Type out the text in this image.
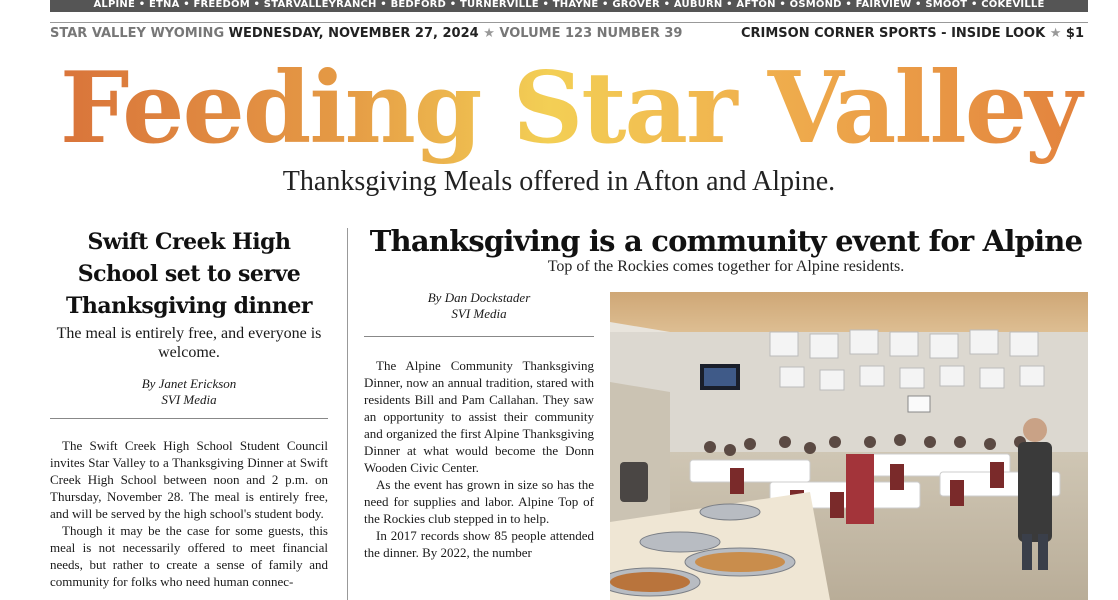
ALPINE • ETNA • FREEDOM • STARVALLEYRANCH • BEDFORD • TURNERVILLE • THAYNE • GROVER • AUBURN • AFTON • OSMOND • FAIRVIEW • SMOOT • COKEVILLE
STAR VALLEY WYOMING WEDNESDAY, NOVEMBER 27, 2024 ★ VOLUME 123 NUMBER 39	CRIMSON CORNER SPORTS - INSIDE LOOK ★ $1
Feeding Star Valley
Thanksgiving Meals offered in Afton and Alpine.
Swift Creek High School set to serve Thanksgiving dinner
The meal is entirely free, and everyone is welcome.
By Janet Erickson
SVI Media

The Swift Creek High School Student Council invites Star Valley to a Thanksgiving Dinner at Swift Creek High School between noon and 2 p.m. on Thursday, November 28. The meal is entirely free, and will be served by the high school's student body.

Though it may be the case for some guests, this meal is not necessarily offered to meet financial needs, but rather to create a sense of family and community for folks who need human connec-

Thanksgiving is a community event for Alpine
Top of the Rockies comes together for Alpine residents.
By Dan Dockstader
SVI Media

The Alpine Community Thanksgiving Dinner, now an annual tradition, stared with residents Bill and Pam Callahan. They saw an opportunity to assist their community and organized the first Alpine Thanksgiving Dinner at what would become the Donn Wooden Civic Center.

As the event has grown in size so has the need for supplies and labor. Alpine Top of the Rockies club stepped in to help.

In 2017 records show 85 people attended the dinner. By 2022, the number
